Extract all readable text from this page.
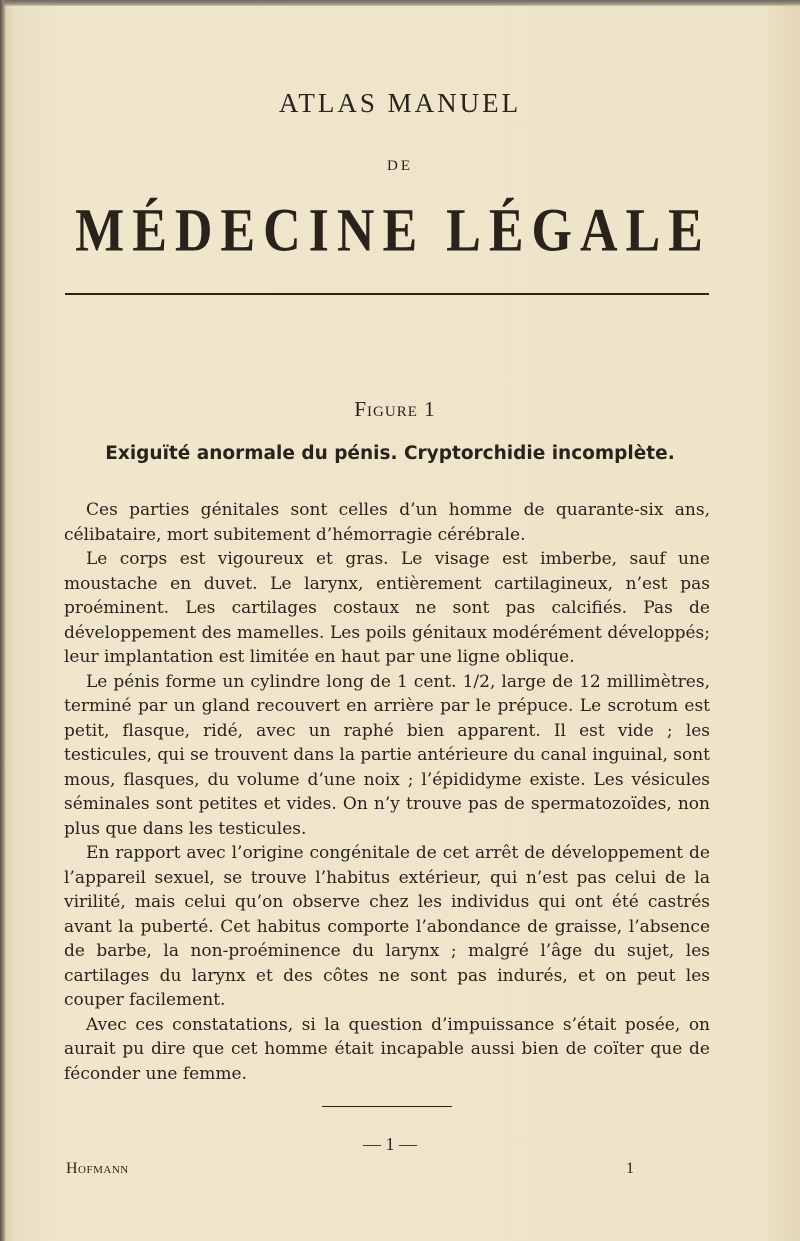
ATLAS MANUEL
DE
MÉDECINE LÉGALE
Figure 1
Exiguïté anormale du pénis. Cryptorchidie incomplète.

Ces parties génitales sont celles d’un homme de quarante-six ans, célibataire, mort subitement d’hémorragie cérébrale.

Le corps est vigoureux et gras. Le visage est imberbe, sauf une moustache en duvet. Le larynx, entièrement cartilagineux, n’est pas proéminent. Les cartilages costaux ne sont pas calcifiés. Pas de développement des mamelles. Les poils génitaux modérément développés; leur implantation est limitée en haut par une ligne oblique.

Le pénis forme un cylindre long de 1 cent. 1/2, large de 12 millimètres, terminé par un gland recouvert en arrière par le prépuce. Le scrotum est petit, flasque, ridé, avec un raphé bien apparent. Il est vide ; les testicules, qui se trouvent dans la partie antérieure du canal inguinal, sont mous, flasques, du volume d’une noix ; l’épididyme existe. Les vésicules séminales sont petites et vides. On n’y trouve pas de spermatozoïdes, non plus que dans les testicules.

En rapport avec l’origine congénitale de cet arrêt de développement de l’appareil sexuel, se trouve l’habitus extérieur, qui n’est pas celui de la virilité, mais celui qu’on observe chez les individus qui ont été castrés avant la puberté. Cet habitus comporte l’abondance de graisse, l’absence de barbe, la non-proéminence du larynx ; malgré l’âge du sujet, les cartilages du larynx et des côtes ne sont pas indurés, et on peut les couper facilement.

Avec ces constatations, si la question d’impuissance s’était posée, on aurait pu dire que cet homme était incapable aussi bien de coïter que de féconder une femme.

— 1 —
Hofmann	1
